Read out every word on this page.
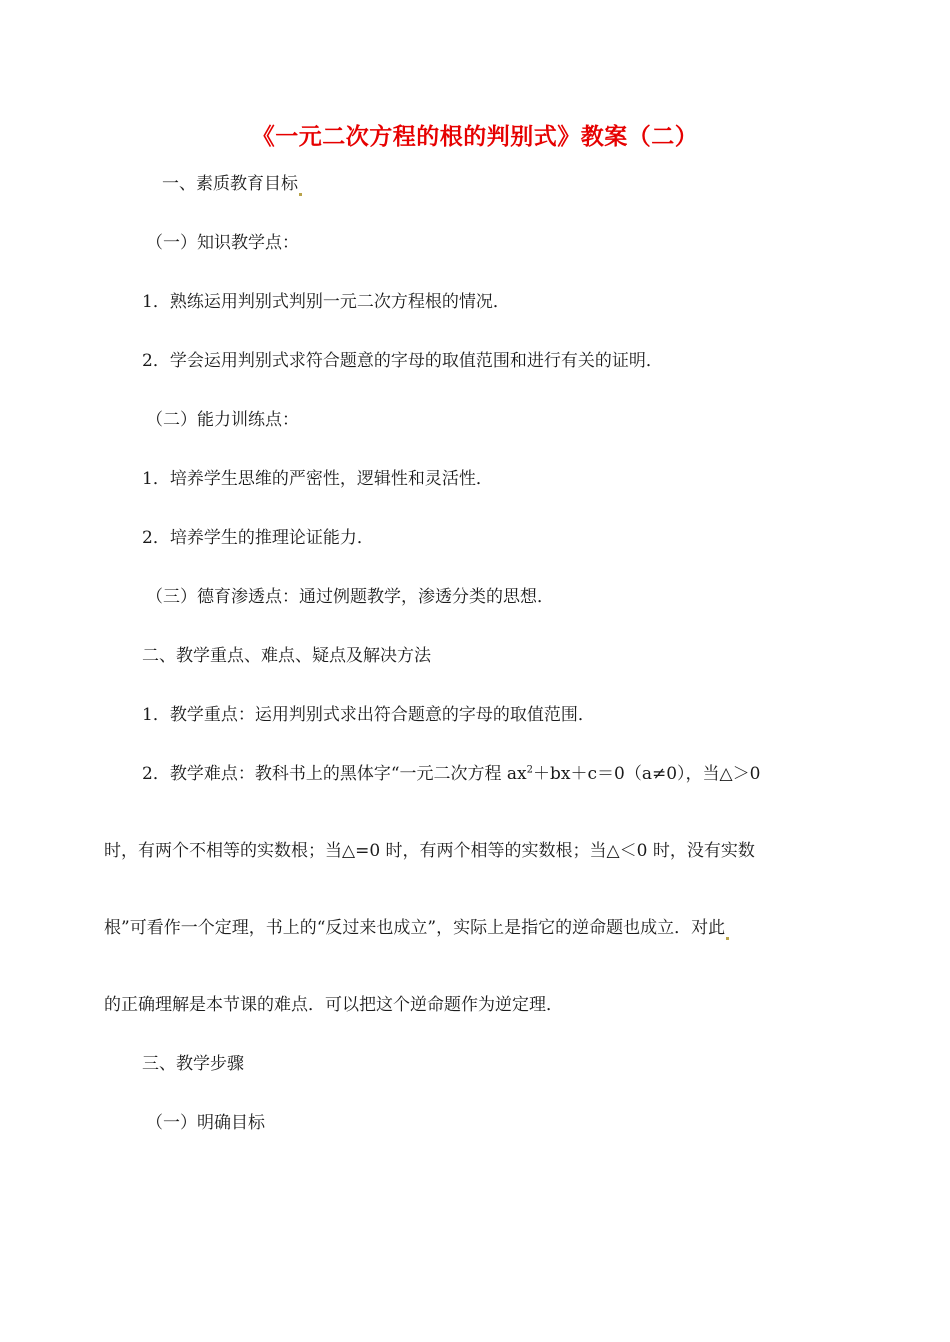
《一元二次方程的根的判别式》教案（二）
一、素质教育目标
（一）知识教学点：
1．熟练运用判别式判别一元二次方程根的情况．
2．学会运用判别式求符合题意的字母的取值范围和进行有关的证明．
（二）能力训练点：
1．培养学生思维的严密性，逻辑性和灵活性．
2．培养学生的推理论证能力．
（三）德育渗透点：通过例题教学，渗透分类的思想．
二、教学重点、难点、疑点及解决方法
1．教学重点：运用判别式求出符合题意的字母的取值范围．
2．教学难点：教科书上的黑体字“一元二次方程 $ax^2+bx+c=0(a\ne 0)$，当△＞0
时，有两个不相等的实数根；当△=0 时，有两个相等的实数根；当△＜0 时，没有实数
根”可看作一个定理，书上的“反过来也成立”，实际上是指它的逆命题也成立．对此
的正确理解是本节课的难点．可以把这个逆命题作为逆定理．
三、教学步骤
（一）明确目标
